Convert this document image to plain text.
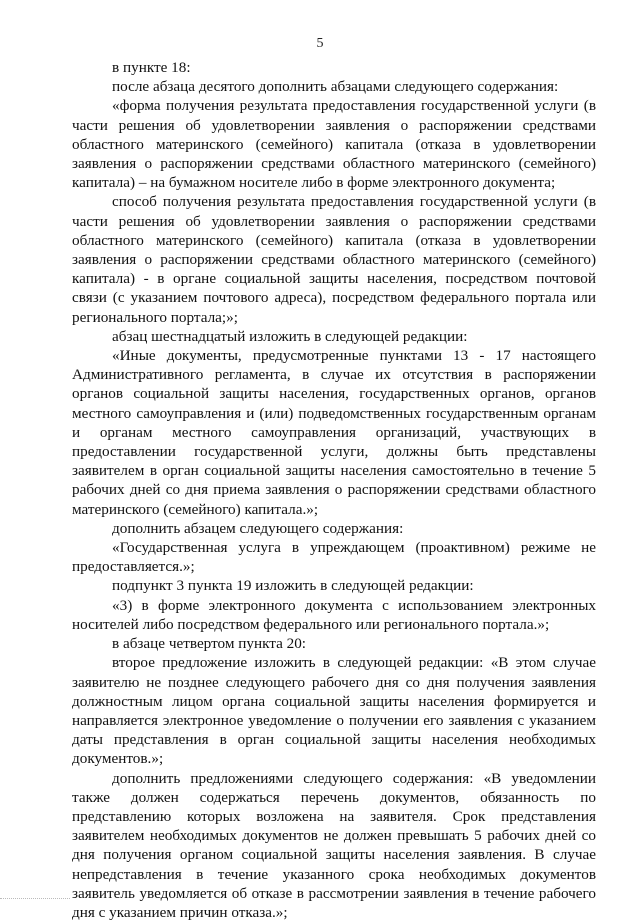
5

в пункте 18:

после абзаца десятого дополнить абзацами следующего содержания:

«форма получения результата предоставления государственной услуги (в части решения об удовлетворении заявления о распоряжении средствами областного материнского (семейного) капитала (отказа в удовлетворении заявления о распоряжении средствами областного материнского (семейного) капитала) – на бумажном носителе либо в форме электронного документа;

способ получения результата предоставления государственной услуги (в части решения об удовлетворении заявления о распоряжении средствами областного материнского (семейного) капитала (отказа в удовлетворении заявления о распоряжении средствами областного материнского (семейного) капитала) - в органе социальной защиты населения, посредством почтовой связи (с указанием почтового адреса), посредством федерального портала или регионального портала;»;

абзац шестнадцатый изложить в следующей редакции:

«Иные документы, предусмотренные пунктами 13 - 17 настоящего Административного регламента, в случае их отсутствия в распоряжении органов социальной защиты населения, государственных органов, органов местного самоуправления и (или) подведомственных государственным органам и органам местного самоуправления организаций, участвующих в предоставлении государственной услуги, должны быть представлены заявителем в орган социальной защиты населения самостоятельно в течение 5 рабочих дней со дня приема заявления о распоряжении средствами областного материнского (семейного) капитала.»;

дополнить абзацем следующего содержания:

«Государственная услуга в упреждающем (проактивном) режиме не предоставляется.»;

подпункт 3 пункта 19 изложить в следующей редакции:

«3) в форме электронного документа с использованием электронных носителей либо посредством федерального или регионального портала.»;

в абзаце четвертом пункта 20:

второе предложение изложить в следующей редакции: «В этом случае заявителю не позднее следующего рабочего дня со дня получения заявления должностным лицом органа социальной защиты населения формируется и направляется электронное уведомление о получении его заявления с указанием даты представления в орган социальной защиты населения необходимых документов.»;

дополнить предложениями следующего содержания: «В уведомлении также должен содержаться перечень документов, обязанность по представлению которых возложена на заявителя. Срок представления заявителем необходимых документов не должен превышать 5 рабочих дней со дня получения органом социальной защиты населения заявления. В случае непредставления в течение указанного срока необходимых документов заявитель уведомляется об отказе в рассмотрении заявления в течение рабочего дня с указанием причин отказа.»;
